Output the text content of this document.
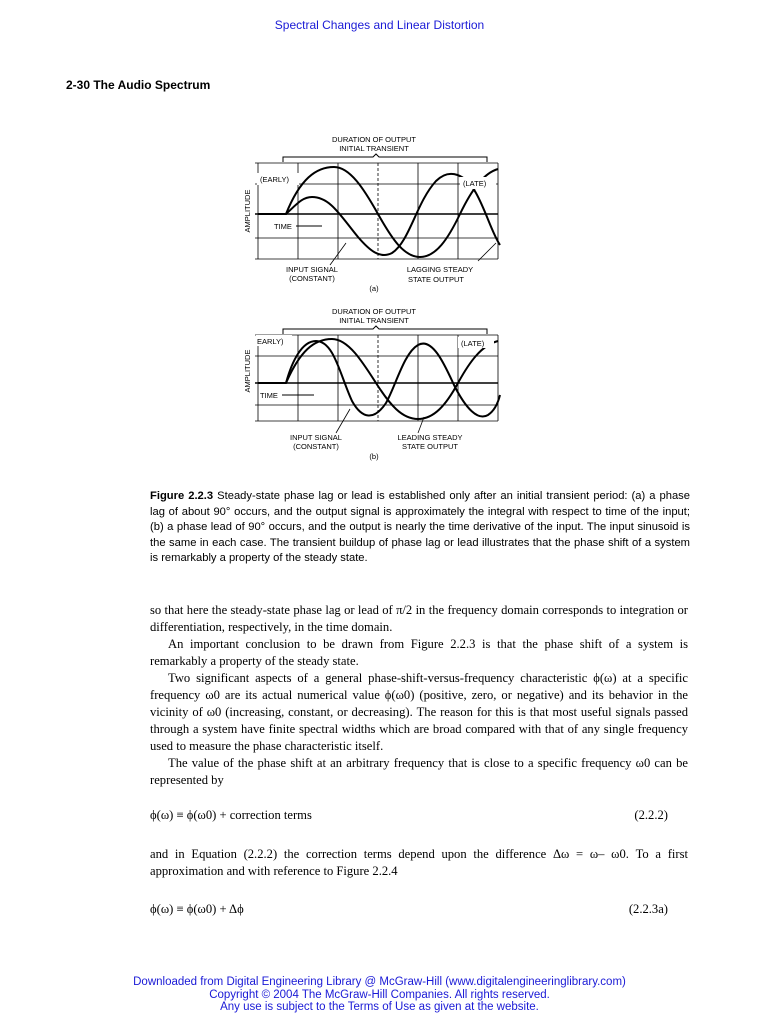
Spectral Changes and Linear Distortion
2-30 The Audio Spectrum
DURATION OF OUTPUT
INITIAL TRANSIENT
AMPLITUDE
(EARLY)	(LATE)
TIME
INPUT SIGNAL
(CONSTANT)
LAGGING STEADY
STATE OUTPUT
(a)
DURATION OF OUTPUT
INITIAL TRANSIENT
AMPLITUDE
EARLY)	(LATE)
TIME
INPUT SIGNAL
(CONSTANT)
LEADING STEADY
STATE OUTPUT
(b)
Figure 2.2.3 Steady-state phase lag or lead is established only after an initial transient period: (a) a phase lag of about 90° occurs, and the output signal is approximately the integral with respect to time of the input; (b) a phase lead of 90° occurs, and the output is nearly the time derivative of the input. The input sinusoid is the same in each case. The transient buildup of phase lag or lead illustrates that the phase shift of a system is remarkably a property of the steady state.

so that here the steady-state phase lag or lead of π/2 in the frequency domain corresponds to integration or differentiation, respectively, in the time domain.

An important conclusion to be drawn from Figure 2.2.3 is that the phase shift of a system is remarkably a property of the steady state.

Two significant aspects of a general phase-shift-versus-frequency characteristic ϕ(ω) at a specific frequency ω0 are its actual numerical value ϕ(ω0) (positive, zero, or negative) and its behavior in the vicinity of ω0 (increasing, constant, or decreasing). The reason for this is that most useful signals passed through a system have finite spectral widths which are broad compared with that of any single frequency used to measure the phase characteristic itself.

The value of the phase shift at an arbitrary frequency that is close to a specific frequency ω0 can be represented by

ϕ(ω) ≡ ϕ(ω0) + correction terms	(2.2.2)
and in Equation (2.2.2) the correction terms depend upon the difference Δω = ω– ω0. To a first approximation and with reference to Figure 2.2.4
ϕ(ω) ≡ ϕ(ω0) + Δϕ	(2.2.3a)
Downloaded from Digital Engineering Library @ McGraw-Hill (www.digitalengineeringlibrary.com)
Copyright © 2004 The McGraw-Hill Companies. All rights reserved.
Any use is subject to the Terms of Use as given at the website.
